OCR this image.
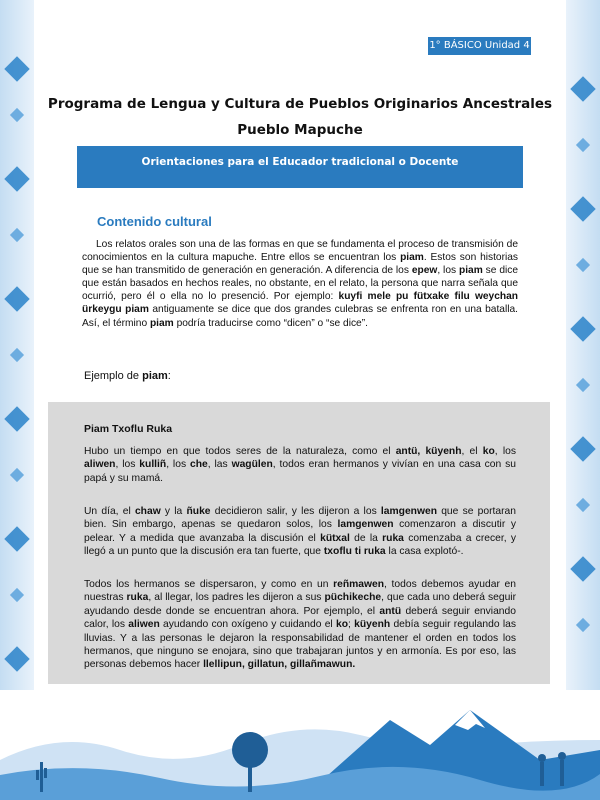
1° BÁSICO Unidad 4
Programa de Lengua y Cultura de Pueblos Originarios Ancestrales
Pueblo Mapuche
Orientaciones para el Educador tradicional o Docente
Contenido cultural
Los relatos orales son una de las formas en que se fundamenta el proceso de transmisión de conocimientos en la cultura mapuche. Entre ellos se encuentran los piam. Estos son historias que se han transmitido de generación en generación. A diferencia de los epew, los piam se dice que están basados en hechos reales, no obstante, en el relato, la persona que narra señala que ocurrió, pero él o ella no lo presenció. Por ejemplo: kuyfi mele pu fütxake filu weychan ürkeygu piam antiguamente se dice que dos grandes culebras se enfrenta ron en una batalla. Así, el término piam podría traducirse como “dicen” o “se dice”.
Ejemplo de piam:
Piam Txoflu Ruka
Hubo un tiempo en que todos seres de la naturaleza, como el antü, küyenh, el ko, los aliwen, los kulliñ, los che, las wagülen, todos eran hermanos y vivían en una casa con su papá y su mamá.
Un día, el chaw y la ñuke decidieron salir, y les dijeron a los lamgenwen que se portaran bien. Sin embargo, apenas se quedaron solos, los lamgenwen comenzaron a discutir y pelear. Y a medida que avanzaba la discusión el kütxal de la ruka comenzaba a crecer, y llegó a un punto que la discusión era tan fuerte, que txoflu ti ruka la casa explotó-.
Todos los hermanos se dispersaron, y como en un reñmawen, todos debemos ayudar en nuestras ruka, al llegar, los padres les dijeron a sus püchikeche, que cada uno deberá seguir ayudando desde donde se encuentran ahora. Por ejemplo, el antü deberá seguir enviando calor, los aliwen ayudando con oxígeno y cuidando el ko; küyenh debía seguir regulando las lluvias. Y a las personas le dejaron la responsabilidad de mantener el orden en todos los hermanos, que ninguno se enojara, sino que trabajaran juntos y en armonía. Es por eso, las personas debemos hacer llellipun, gillatun, gillañmawun.
